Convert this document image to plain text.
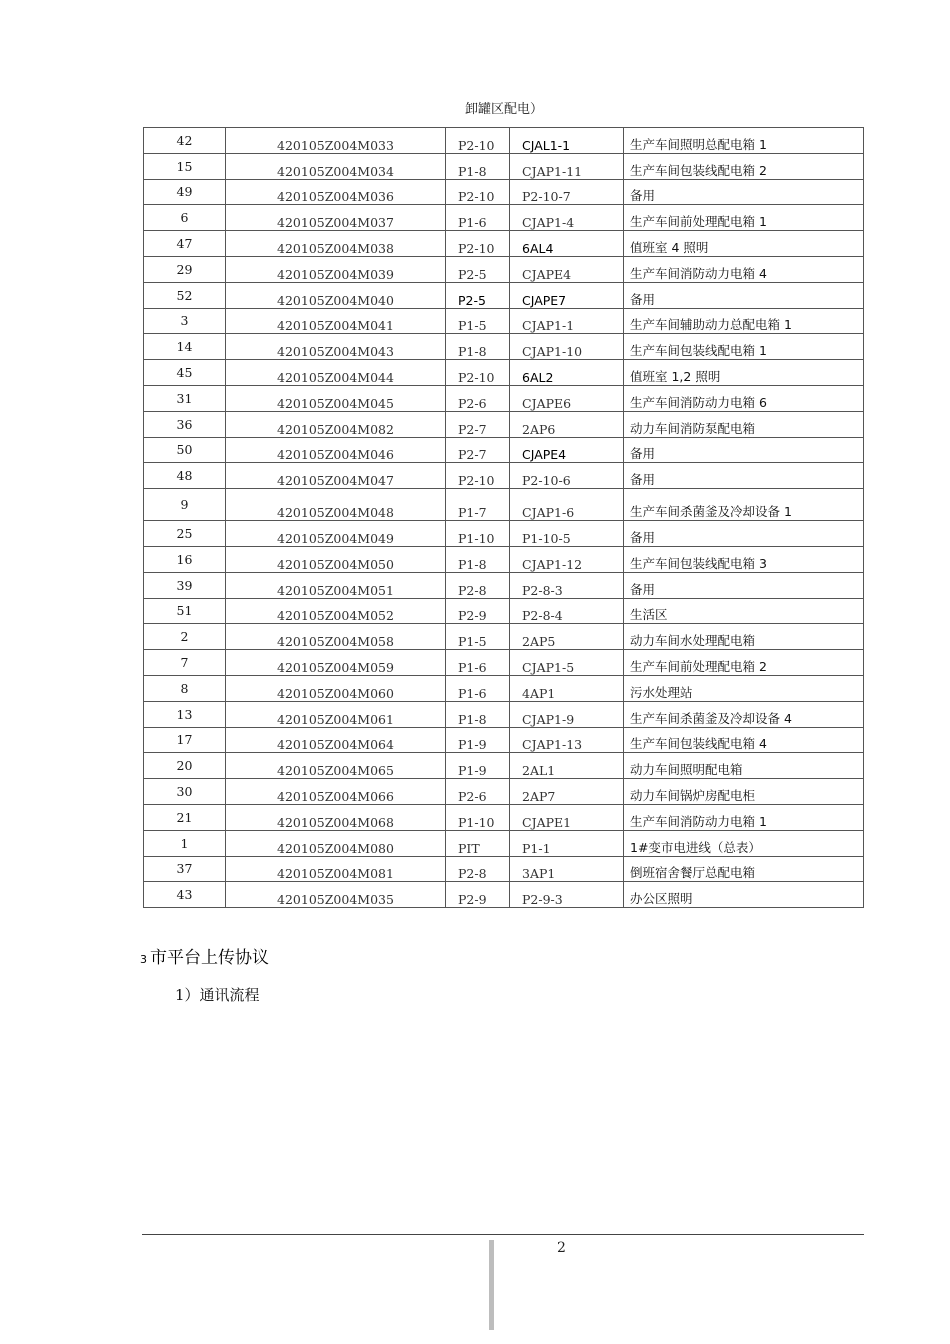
卸罐区配电）
42	420105Z004M033	P2-10	CJAL1-1	生产车间照明总配电箱 1
15	420105Z004M034	P1-8	CJAP1-11	生产车间包装线配电箱 2
49	420105Z004M036	P2-10	P2-10-7	备用
6	420105Z004M037	P1-6	CJAP1-4	生产车间前处理配电箱 1
47	420105Z004M038	P2-10	6AL4	值班室 4 照明
29	420105Z004M039	P2-5	CJAPE4	生产车间消防动力电箱 4
52	420105Z004M040	P2-5	CJAPE7	备用
3	420105Z004M041	P1-5	CJAP1-1	生产车间辅助动力总配电箱 1
14	420105Z004M043	P1-8	CJAP1-10	生产车间包装线配电箱 1
45	420105Z004M044	P2-10	6AL2	值班室 1,2 照明
31	420105Z004M045	P2-6	CJAPE6	生产车间消防动力电箱 6
36	420105Z004M082	P2-7	2AP6	动力车间消防泵配电箱
50	420105Z004M046	P2-7	CJAPE4	备用
48	420105Z004M047	P2-10	P2-10-6	备用
9	420105Z004M048	P1-7	CJAP1-6	生产车间杀菌釜及冷却设备 1
25	420105Z004M049	P1-10	P1-10-5	备用
16	420105Z004M050	P1-8	CJAP1-12	生产车间包装线配电箱 3
39	420105Z004M051	P2-8	P2-8-3	备用
51	420105Z004M052	P2-9	P2-8-4	生活区
2	420105Z004M058	P1-5	2AP5	动力车间水处理配电箱
7	420105Z004M059	P1-6	CJAP1-5	生产车间前处理配电箱 2
8	420105Z004M060	P1-6	4AP1	污水处理站
13	420105Z004M061	P1-8	CJAP1-9	生产车间杀菌釜及冷却设备 4
17	420105Z004M064	P1-9	CJAP1-13	生产车间包装线配电箱 4
20	420105Z004M065	P1-9	2AL1	动力车间照明配电箱
30	420105Z004M066	P2-6	2AP7	动力车间锅炉房配电柜
21	420105Z004M068	P1-10	CJAPE1	生产车间消防动力电箱 1
1	420105Z004M080	PIT	P1-1	1#变市电进线（总表）
37	420105Z004M081	P2-8	3AP1	倒班宿舍餐厅总配电箱
43	420105Z004M035	P2-9	P2-9-3	办公区照明
3 市平台上传协议
1）通讯流程
2
